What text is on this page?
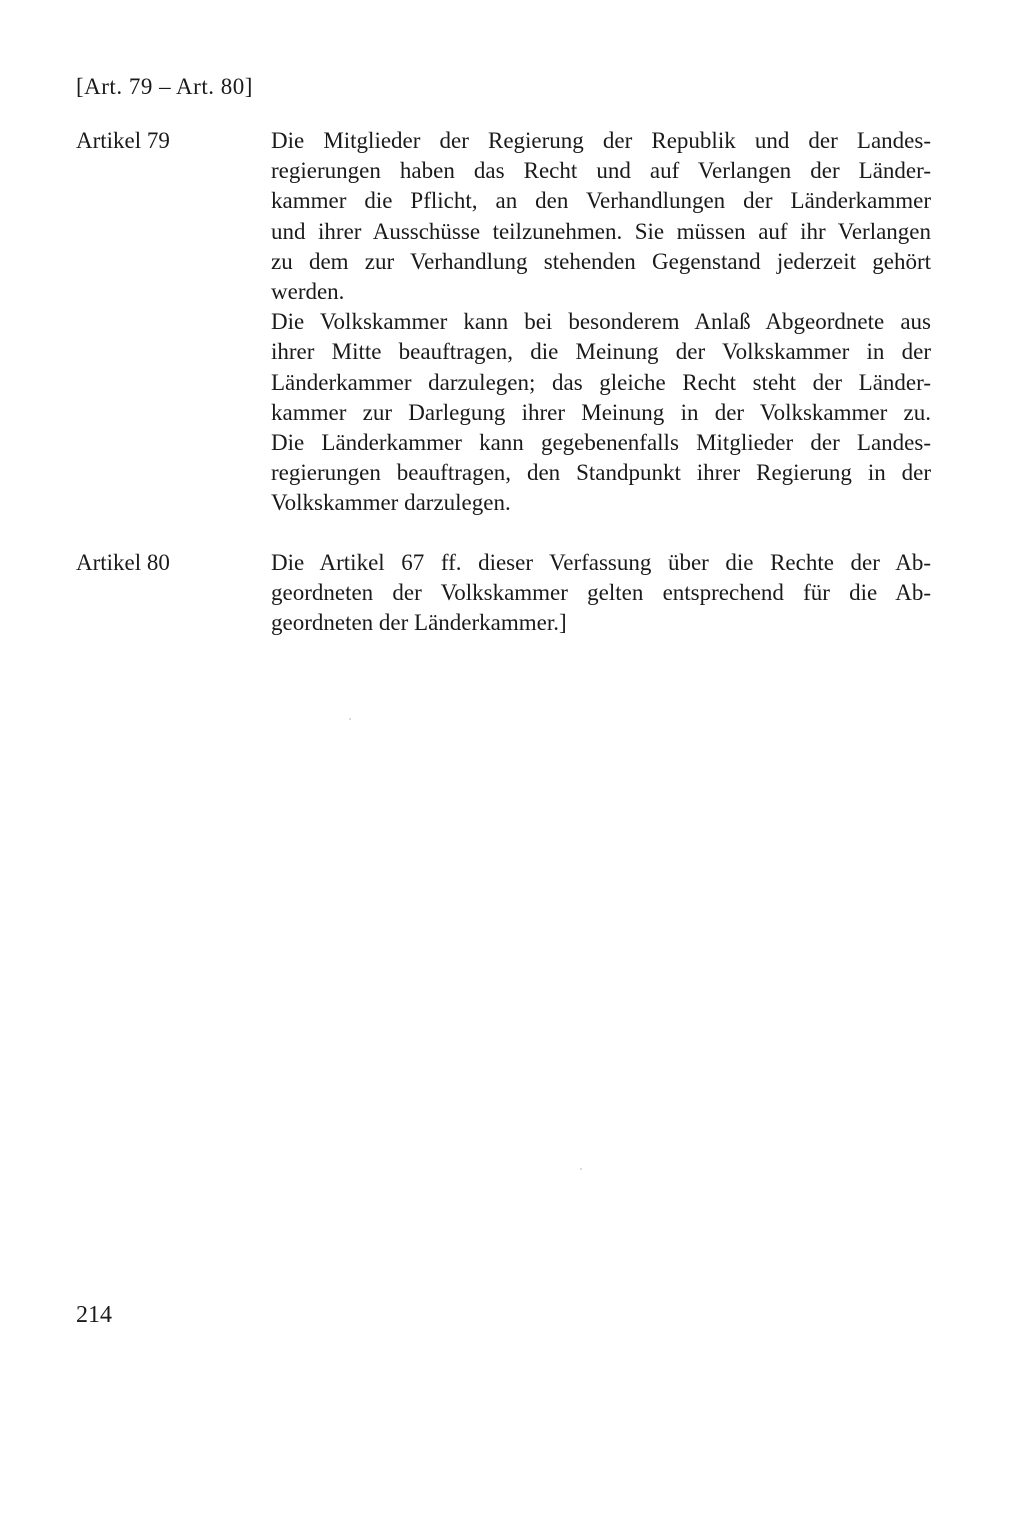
[Art. 79 – Art. 80]
Artikel 79	Die Mitglieder der Regierung der Republik und der Landes-
regierungen haben das Recht und auf Verlangen der Länder-
kammer die Pflicht, an den Verhandlungen der Länderkammer
und ihrer Ausschüsse teilzunehmen. Sie müssen auf ihr Verlangen
zu dem zur Verhandlung stehenden Gegenstand jederzeit gehört
werden.

Die Volkskammer kann bei besonderem Anlaß Abgeordnete aus
ihrer Mitte beauftragen, die Meinung der Volkskammer in der
Länderkammer darzulegen; das gleiche Recht steht der Länder-
kammer zur Darlegung ihrer Meinung in der Volkskammer zu.

Die Länderkammer kann gegebenenfalls Mitglieder der Landes-
regierungen beauftragen, den Standpunkt ihrer Regierung in der
Volkskammer darzulegen.

Artikel 80	Die Artikel 67 ff. dieser Verfassung über die Rechte der Ab-
geordneten der Volkskammer gelten entsprechend für die Ab-
geordneten der Länderkammer.]

214
